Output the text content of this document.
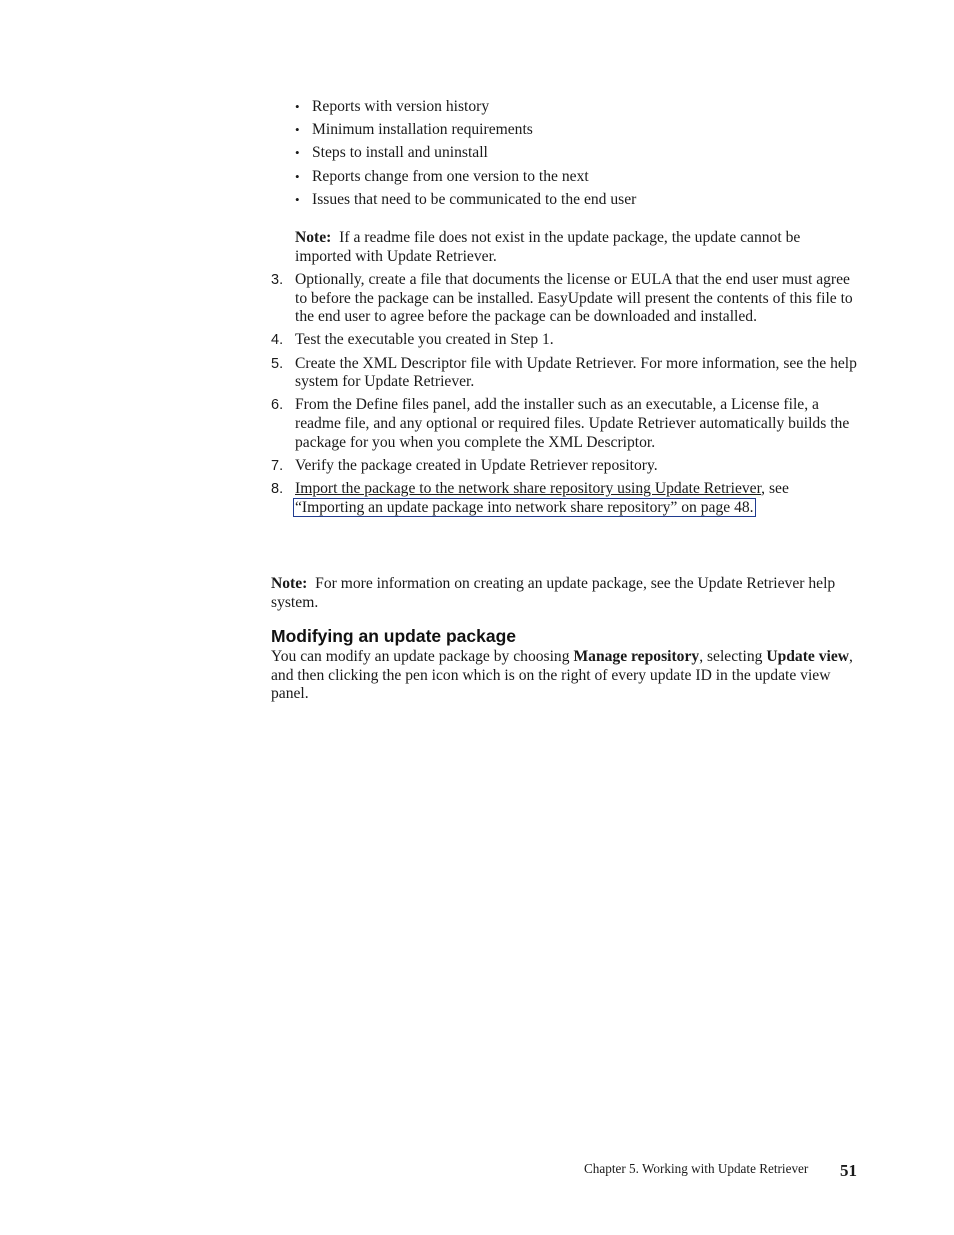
• Reports with version history
• Minimum installation requirements
• Steps to install and uninstall
• Reports change from one version to the next
• Issues that need to be communicated to the end user

Note: If a readme file does not exist in the update package, the update cannot be imported with Update Retriever.

3. Optionally, create a file that documents the license or EULA that the end user must agree to before the package can be installed. EasyUpdate will present the contents of this file to the end user to agree before the package can be downloaded and installed.
4. Test the executable you created in Step 1.
5. Create the XML Descriptor file with Update Retriever. For more information, see the help system for Update Retriever.
6. From the Define files panel, add the installer such as an executable, a License file, a readme file, and any optional or required files. Update Retriever automatically builds the package for you when you complete the XML Descriptor.
7. Verify the package created in Update Retriever repository.
8. Import the package to the network share repository using Update Retriever, see “Importing an update package into network share repository” on page 48.

Note: For more information on creating an update package, see the Update Retriever help system.

Modifying an update package

You can modify an update package by choosing Manage repository, selecting Update view, and then clicking the pen icon which is on the right of every update ID in the update view panel.

Chapter 5. Working with Update Retriever 51
